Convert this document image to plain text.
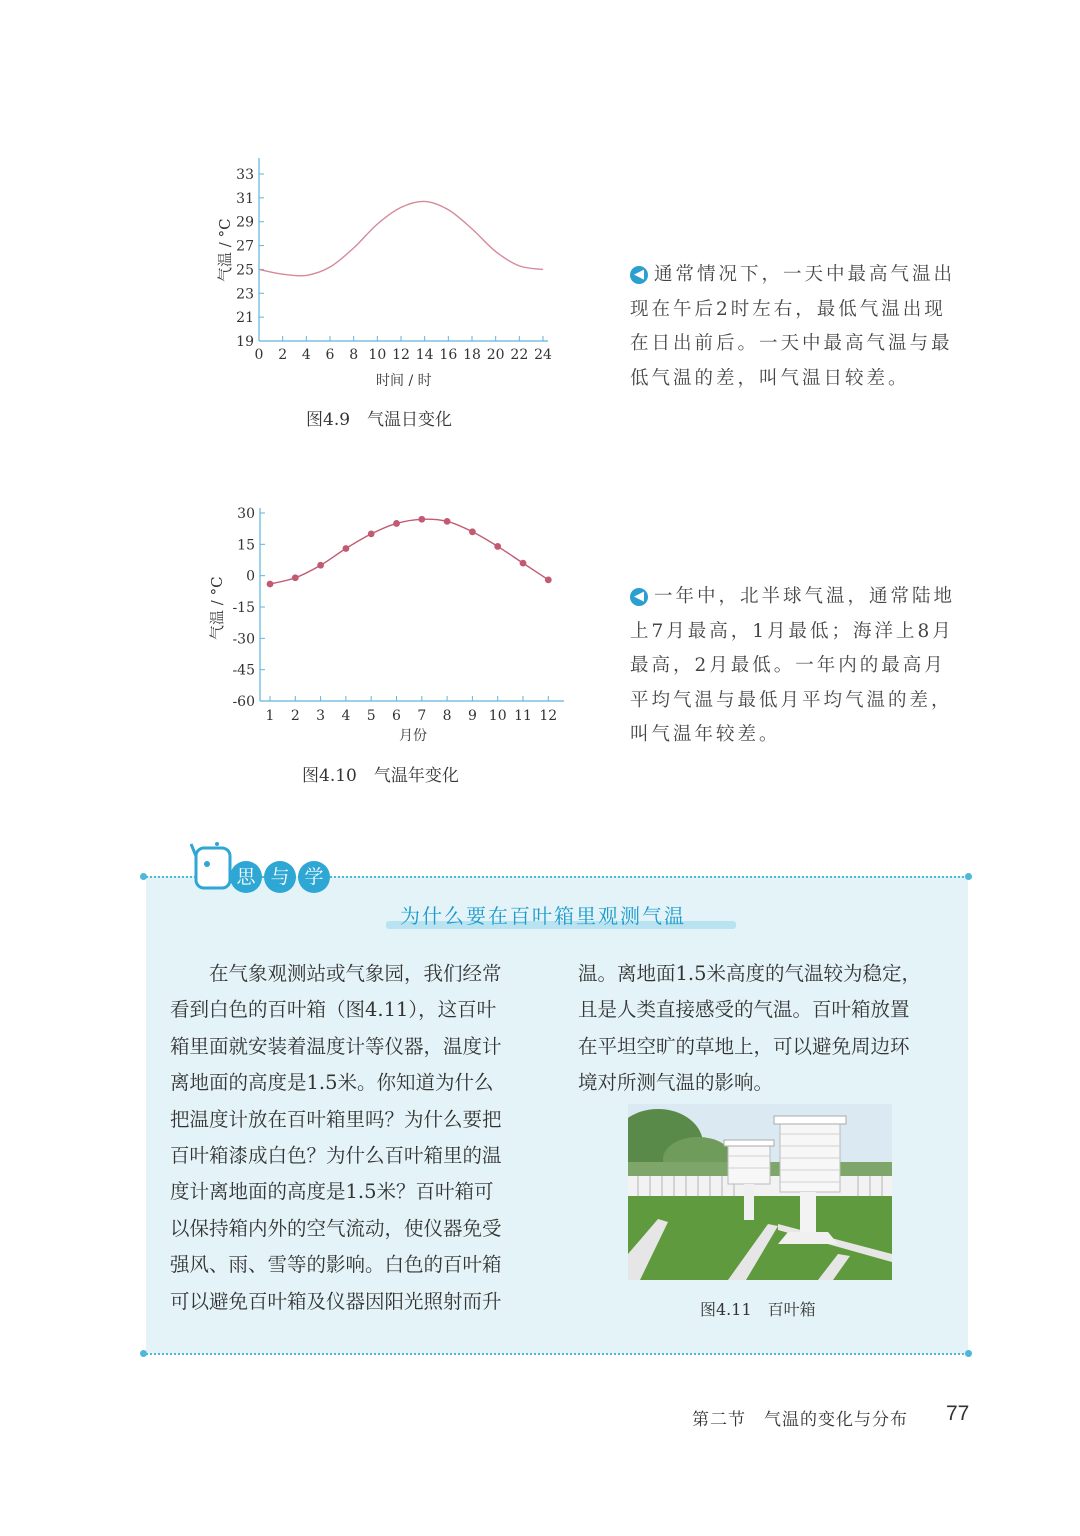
33
31
29
27
25
23
21
19
0 2 4 6 8 10 12 14 16 18 20 22 24
时间 / 时
气温 / °C
图4.9　气温日变化
◀ 通常情况下，一天中最高气温出
现在午后2时左右，最低气温出现
在日出前后。一天中最高气温与最
低气温的差，叫气温日较差。
30
15
0
-15
-30
-45
-60
1 2 3 4 5 6 7 8 9 10 11 12
月份
气温 / °C
图4.10　气温年变化
◀ 一年中，北半球气温，通常陆地
上7月最高，1月最低；海洋上8月
最高，2月最低。一年内的最高月
平均气温与最低月平均气温的差，
叫气温年较差。
思 与 学
为什么要在百叶箱里观测气温
　　在气象观测站或气象园，我们经常
看到白色的百叶箱（图4.11），这百叶
箱里面就安装着温度计等仪器，温度计
离地面的高度是1.5米。你知道为什么
把温度计放在百叶箱里吗？为什么要把
百叶箱漆成白色？为什么百叶箱里的温
度计离地面的高度是1.5米？百叶箱可
以保持箱内外的空气流动，使仪器免受
强风、雨、雪等的影响。白色的百叶箱
可以避免百叶箱及仪器因阳光照射而升
温。离地面1.5米高度的气温较为稳定，
且是人类直接感受的气温。百叶箱放置
在平坦空旷的草地上，可以避免周边环
境对所测气温的影响。
图4.11　百叶箱
第二节　气温的变化与分布 77
